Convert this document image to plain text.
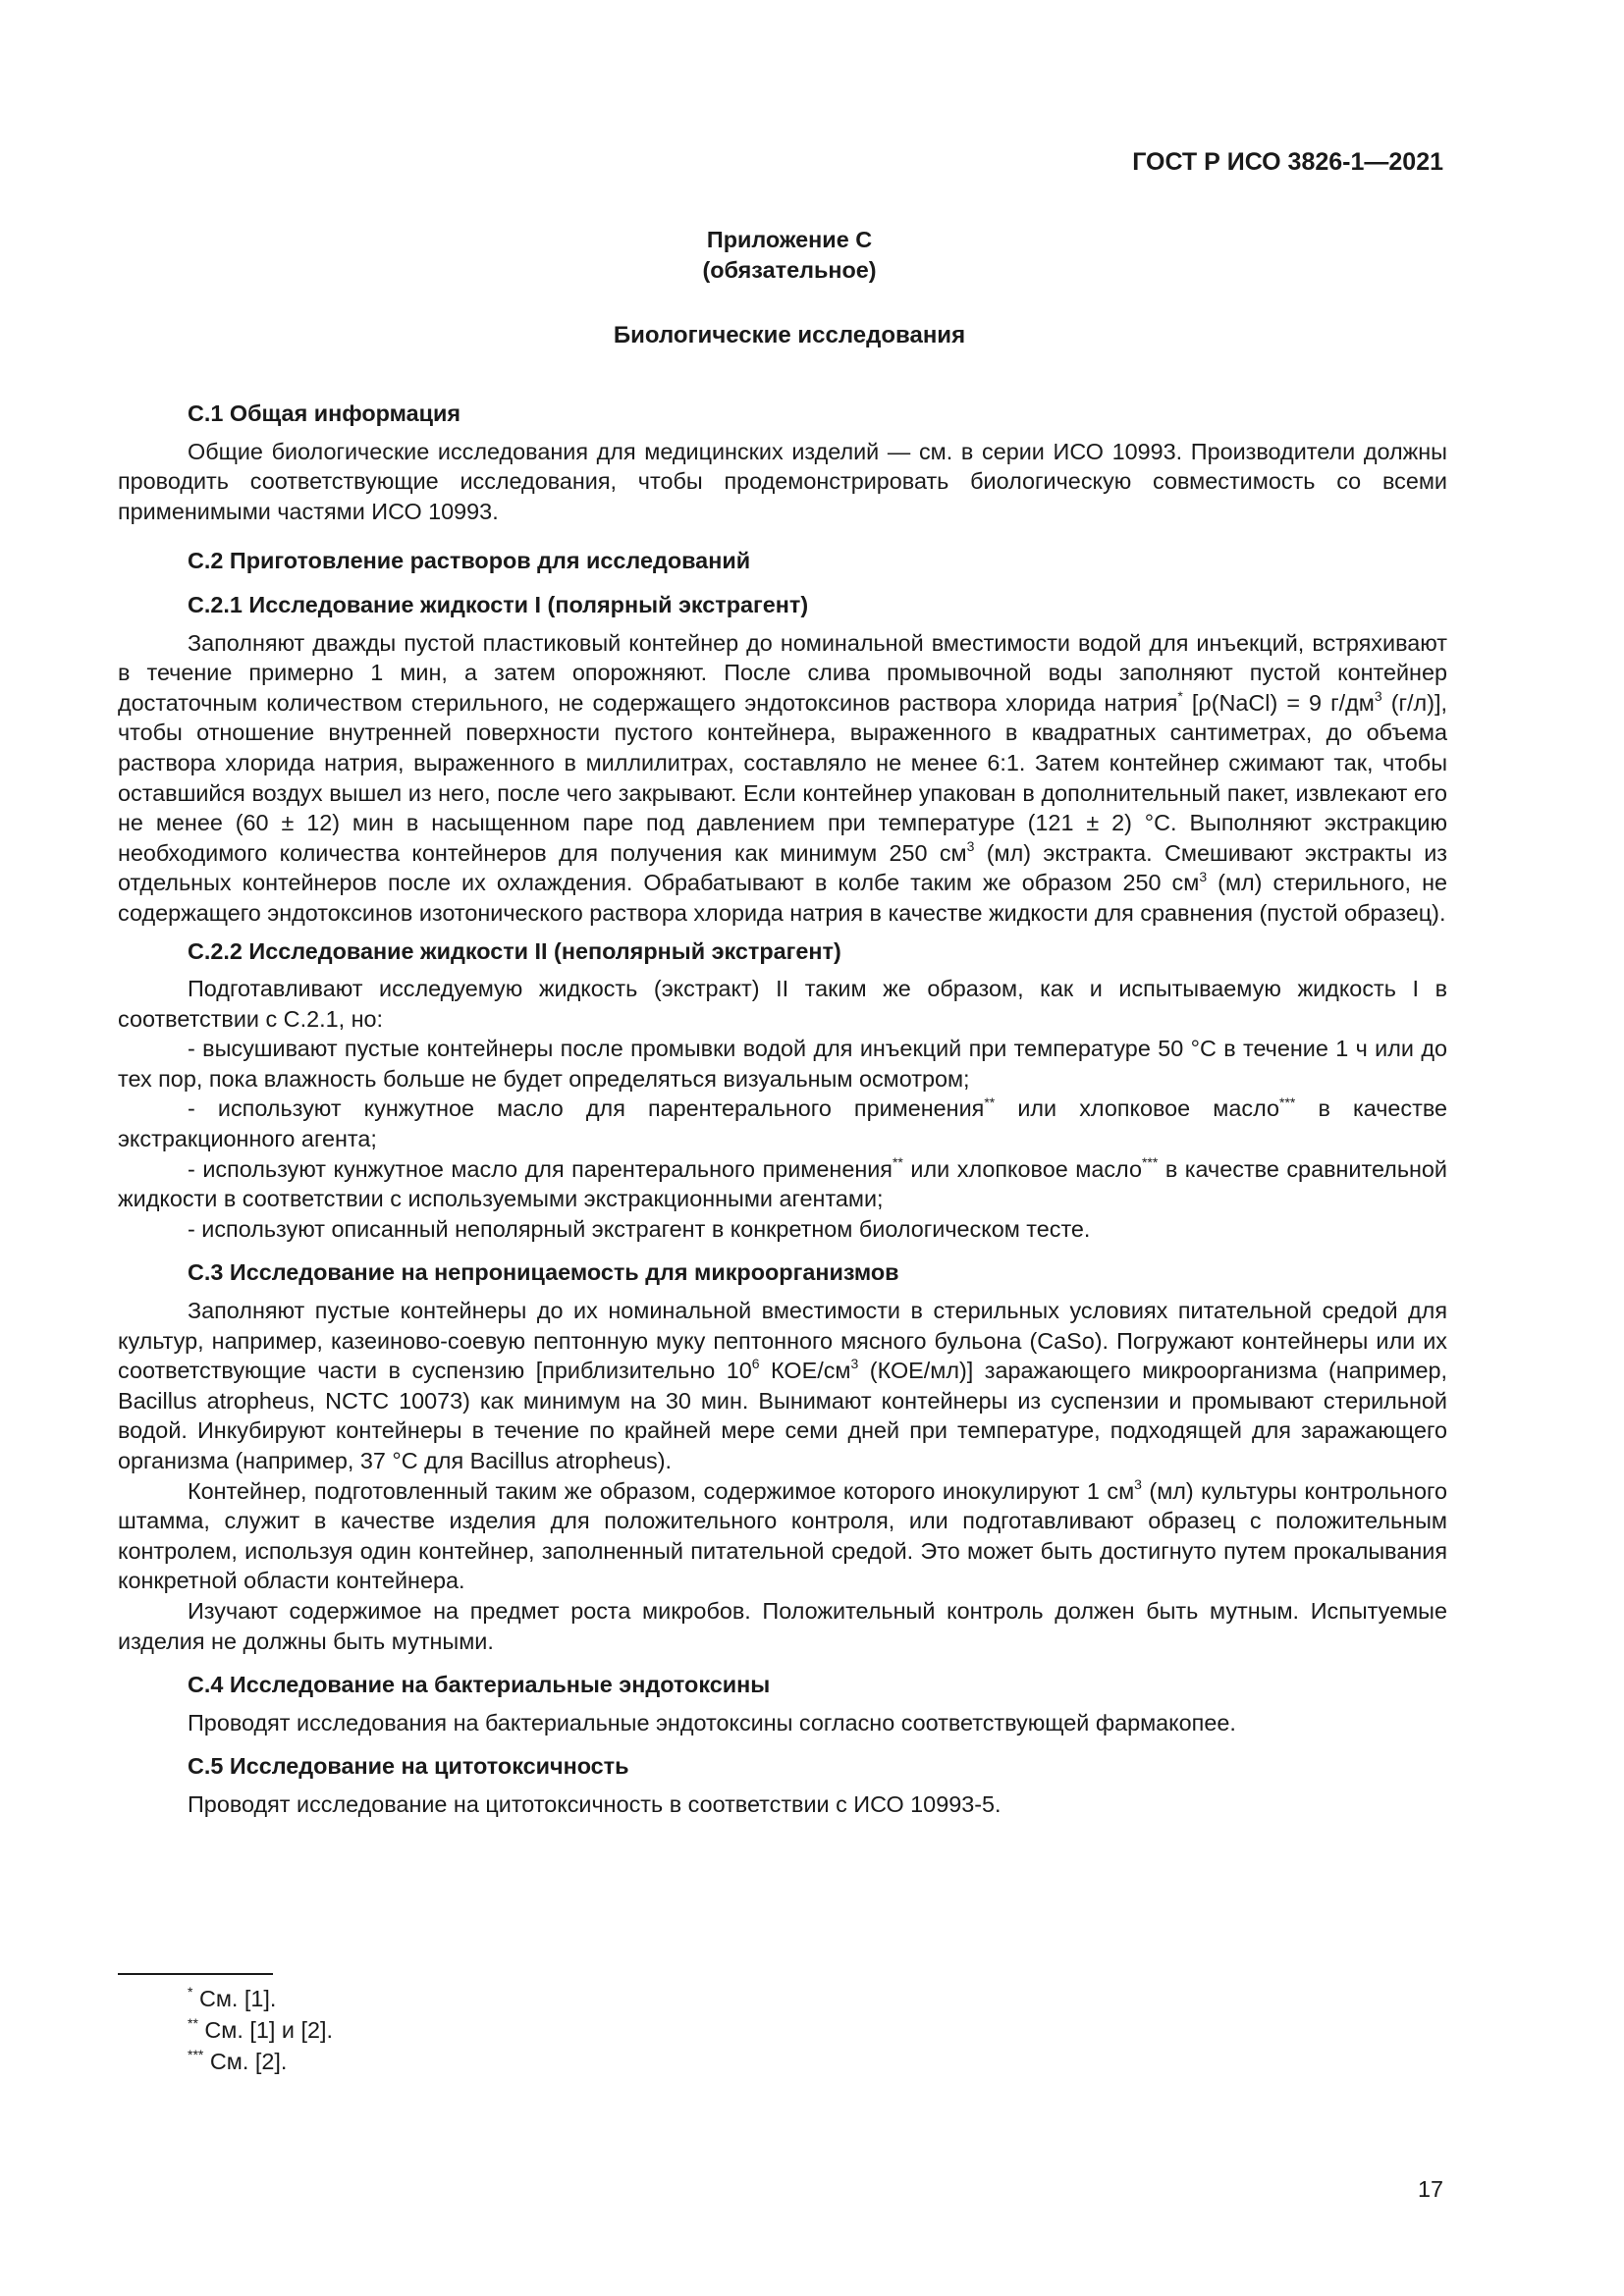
ГОСТ Р ИСО 3826-1—2021
Приложение С
(обязательное)
Биологические исследования

С.1 Общая информация

Общие биологические исследования для медицинских изделий — см. в серии ИСО 10993. Производители должны проводить соответствующие исследования, чтобы продемонстрировать биологическую совместимость со всеми применимыми частями ИСО 10993.

С.2 Приготовление растворов для исследований

С.2.1 Исследование жидкости I (полярный экстрагент)

Заполняют дважды пустой пластиковый контейнер до номинальной вместимости водой для инъекций, встряхивают в течение примерно 1 мин, а затем опорожняют. После слива промывочной воды заполняют пустой контейнер достаточным количеством стерильного, не содержащего эндотоксинов раствора хлорида натрия* [ρ(NaCl) = 9 $г/дм^3$ (г/л)], чтобы отношение внутренней поверхности пустого контейнера, выраженного в квадратных сантиметрах, до объема раствора хлорида натрия, выраженного в миллилитрах, составляло не менее 6:1. Затем контейнер сжимают так, чтобы оставшийся воздух вышел из него, после чего закрывают. Если контейнер упакован в дополнительный пакет, извлекают его не менее (60 ± 12) мин в насыщенном паре под давлением при температуре (121 ± 2) °C. Выполняют экстракцию необходимого количества контейнеров для получения как минимум 250 $см^3$ (мл) экстракта. Смешивают экстракты из отдельных контейнеров после их охлаждения. Обрабатывают в колбе таким же образом 250 $см^3$ (мл) стерильного, не содержащего эндотоксинов изотонического раствора хлорида натрия в качестве жидкости для сравнения (пустой образец).

С.2.2 Исследование жидкости II (неполярный экстрагент)

Подготавливают исследуемую жидкость (экстракт) II таким же образом, как и испытываемую жидкость I в соответствии с С.2.1, но:

- высушивают пустые контейнеры после промывки водой для инъекций при температуре 50 °C в течение 1 ч или до тех пор, пока влажность больше не будет определяться визуальным осмотром;

- используют кунжутное масло для парентерального применения** или хлопковое масло*** в качестве экстракционного агента;

- используют кунжутное масло для парентерального применения** или хлопковое масло*** в качестве сравнительной жидкости в соответствии с используемыми экстракционными агентами;

- используют описанный неполярный экстрагент в конкретном биологическом тесте.

С.3 Исследование на непроницаемость для микроорганизмов

Заполняют пустые контейнеры до их номинальной вместимости в стерильных условиях питательной средой для культур, например, казеиново-соевую пептонную муку пептонного мясного бульона (CaSo). Погружают контейнеры или их соответствующие части в суспензию [приблизительно $10^6$ КОЕ/$см^3$ (КОЕ/мл)] заражающего микроорганизма (например, Bacillus atropheus, NCTC 10073) как минимум на 30 мин. Вынимают контейнеры из суспензии и промывают стерильной водой. Инкубируют контейнеры в течение по крайней мере семи дней при температуре, подходящей для заражающего организма (например, 37 °C для Bacillus atropheus).

Контейнер, подготовленный таким же образом, содержимое которого инокулируют 1 $см^3$ (мл) культуры контрольного штамма, служит в качестве изделия для положительного контроля, или подготавливают образец с положительным контролем, используя один контейнер, заполненный питательной средой. Это может быть достигнуто путем прокалывания конкретной области контейнера.

Изучают содержимое на предмет роста микробов. Положительный контроль должен быть мутным. Испытуемые изделия не должны быть мутными.

С.4 Исследование на бактериальные эндотоксины

Проводят исследования на бактериальные эндотоксины согласно соответствующей фармакопее.

С.5 Исследование на цитотоксичность

Проводят исследование на цитотоксичность в соответствии с ИСО 10993-5.

* См. [1].

** См. [1] и [2].

*** См. [2].

17
